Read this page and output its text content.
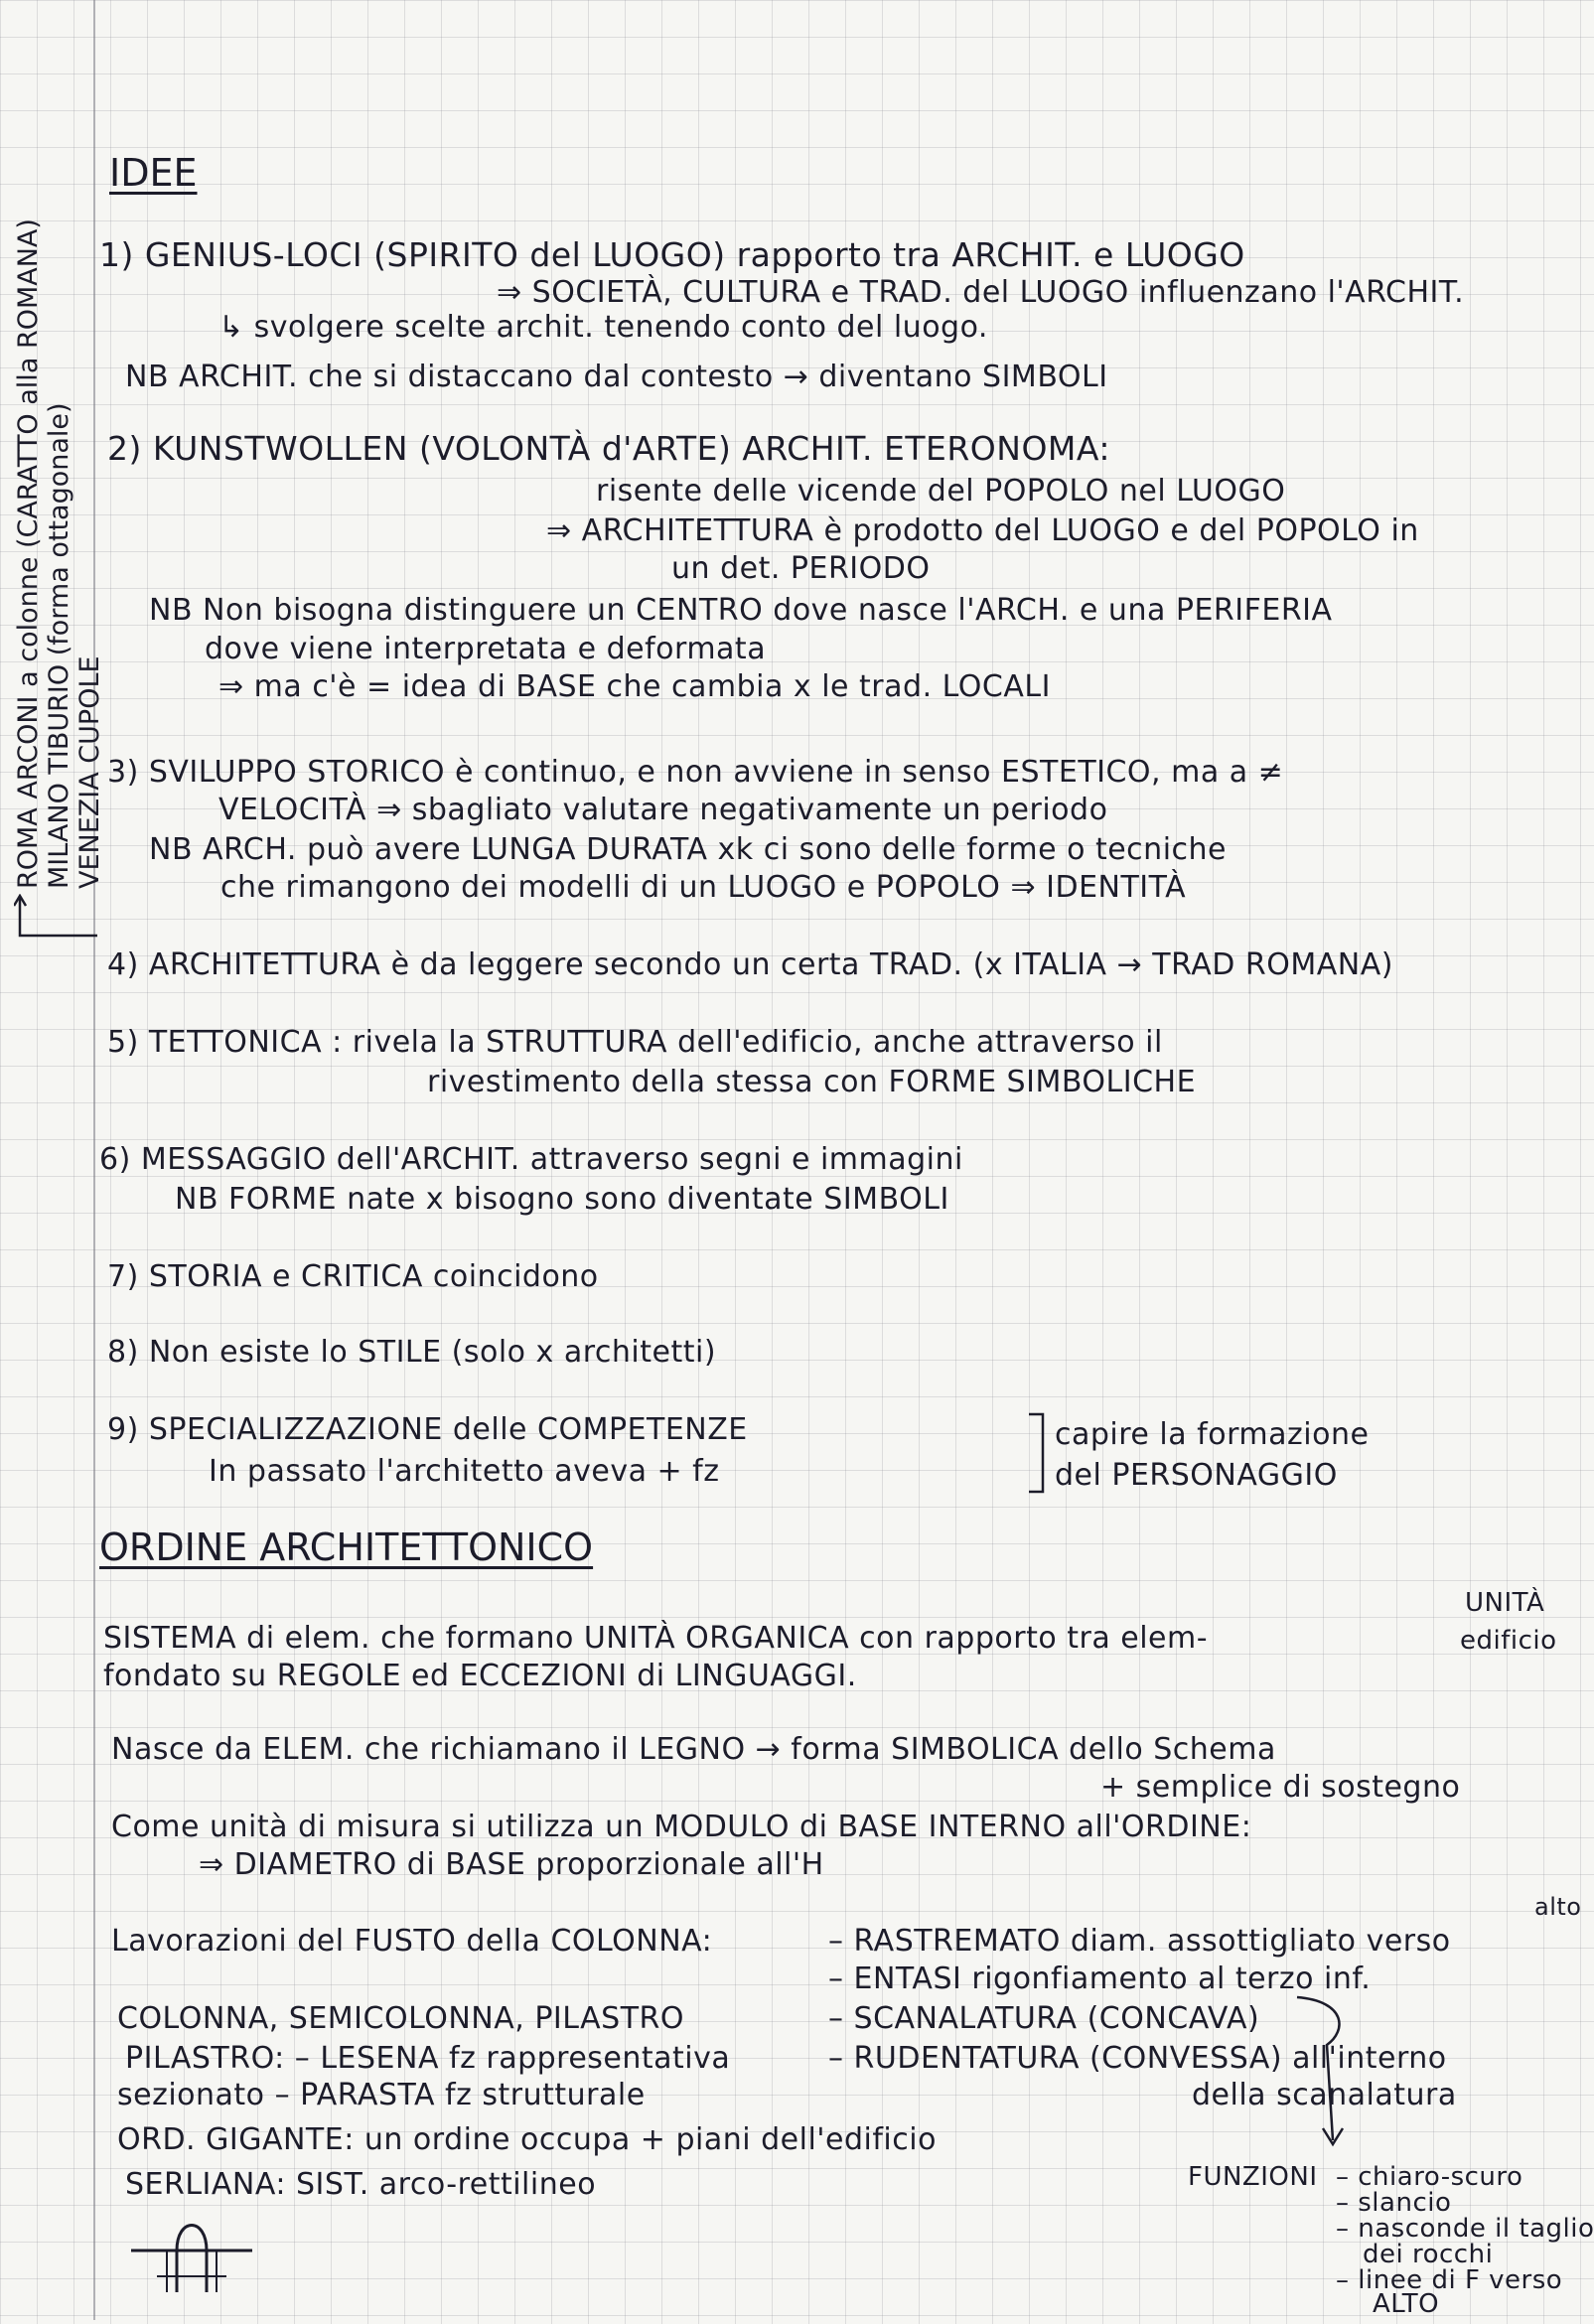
ROMA ARCONI a colonne (CARATTO alla ROMANA) MILANO TIBURIO (forma ottagonale) VENEZIA CUPOLE
IDEE
1) GENIUS-LOCI (SPIRITO del LUOGO) rapporto tra ARCHIT. e LUOGO
⇒ SOCIETÀ, CULTURA e TRAD. del LUOGO influenzano l'ARCHIT.
↳ svolgere scelte archit. tenendo conto del luogo.
NB ARCHIT. che si distaccano dal contesto → diventano SIMBOLI
2) KUNSTWOLLEN (VOLONTÀ d'ARTE) ARCHIT. ETERONOMA:
risente delle vicende del POPOLO nel LUOGO
⇒ ARCHITETTURA è prodotto del LUOGO e del POPOLO in
un det. PERIODO
NB Non bisogna distinguere un CENTRO dove nasce l'ARCH. e una PERIFERIA
dove viene interpretata e deformata
⇒ ma c'è = idea di BASE che cambia x le trad. LOCALI
3) SVILUPPO STORICO è continuo, e non avviene in senso ESTETICO, ma a ≠
VELOCITÀ ⇒ sbagliato valutare negativamente un periodo
NB ARCH. può avere LUNGA DURATA xk ci sono delle forme o tecniche
che rimangono dei modelli di un LUOGO e POPOLO ⇒ IDENTITÀ
4) ARCHITETTURA è da leggere secondo un certa TRAD. (x ITALIA → TRAD ROMANA)
5) TETTONICA : rivela la STRUTTURA dell'edificio, anche attraverso il
rivestimento della stessa con FORME SIMBOLICHE
6) MESSAGGIO dell'ARCHIT. attraverso segni e immagini
NB FORME nate x bisogno sono diventate SIMBOLI
7) STORIA e CRITICA coincidono
8) Non esiste lo STILE (solo x architetti)
9) SPECIALIZZAZIONE delle COMPETENZE
In passato l'architetto aveva + fz
capire la formazione
del PERSONAGGIO
ORDINE ARCHITETTONICO
SISTEMA di elem. che formano UNITÀ ORGANICA con rapporto tra elem-
fondato su REGOLE ed ECCEZIONI di LINGUAGGI.
UNITÀ
edificio
Nasce da ELEM. che richiamano il LEGNO → forma SIMBOLICA dello Schema
+ semplice di sostegno
Come unità di misura si utilizza un MODULO di BASE INTERNO all'ORDINE:
⇒ DIAMETRO di BASE proporzionale all'H
alto
Lavorazioni del FUSTO della COLONNA:	– RASTREMATO diam. assottigliato verso
– ENTASI rigonfiamento al terzo inf.
– SCANALATURA (CONCAVA)
– RUDENTATURA (CONVESSA) all'interno
della scanalatura
COLONNA, SEMICOLONNA, PILASTRO
PILASTRO: – LESENA fz rappresentativa
sezionato – PARASTA fz strutturale
ORD. GIGANTE: un ordine occupa + piani dell'edificio
SERLIANA: SIST. arco-rettilineo	FUNZIONI – chiaro-scuro
– slancio
– nasconde il taglio
dei rocchi
– linee di F verso
ALTO
